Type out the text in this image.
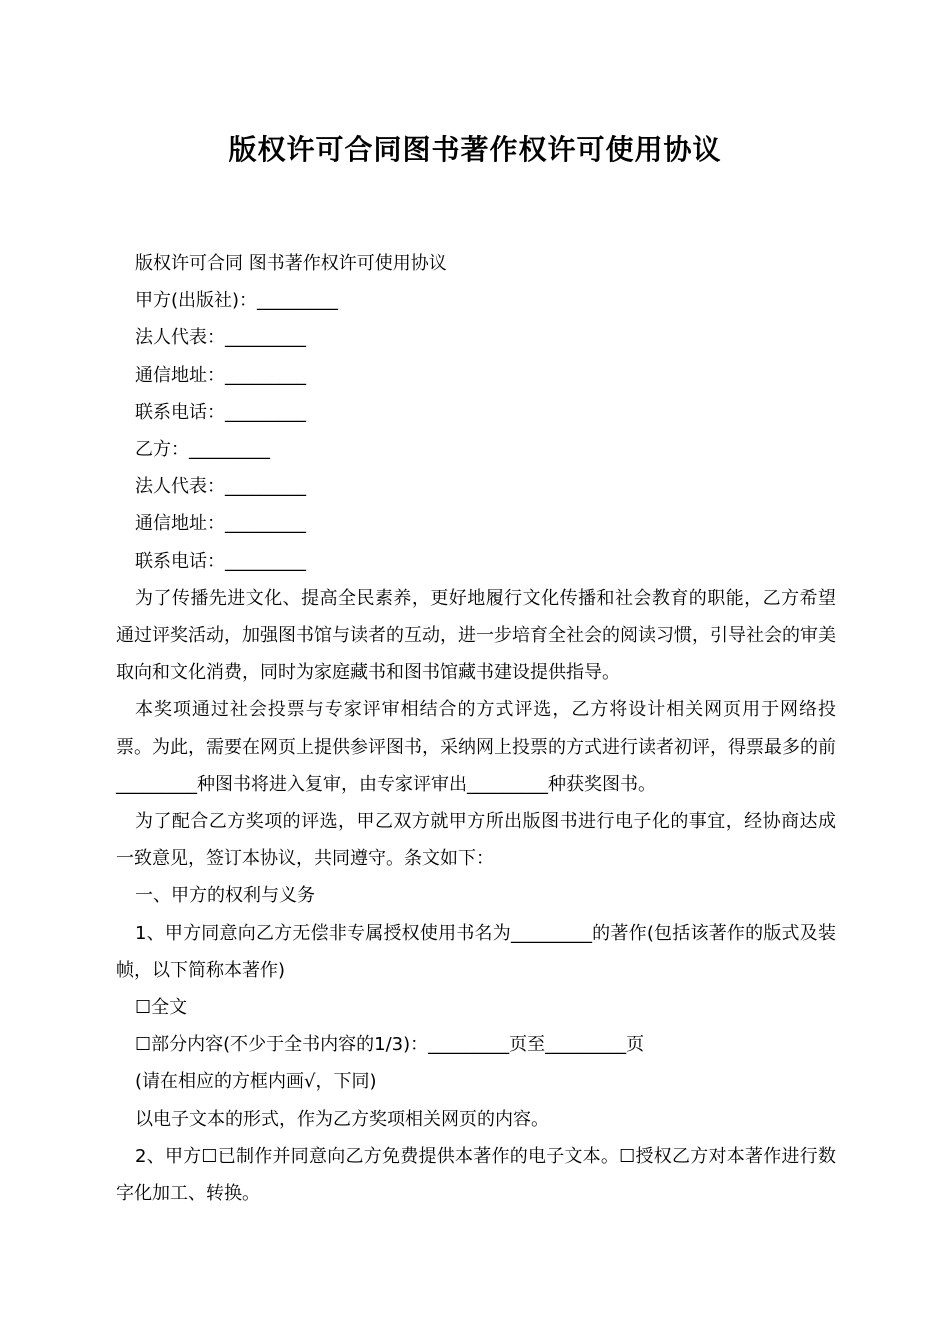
版权许可合同图书著作权许可使用协议

版权许可合同 图书著作权许可使用协议

甲方(出版社)：_________

法人代表：_________

通信地址：_________

联系电话：_________

乙方：_________

法人代表：_________

通信地址：_________

联系电话：_________

为了传播先进文化、提高全民素养，更好地履行文化传播和社会教育的职能，乙方希望通过评奖活动，加强图书馆与读者的互动，进一步培育全社会的阅读习惯，引导社会的审美取向和文化消费，同时为家庭藏书和图书馆藏书建设提供指导。

本奖项通过社会投票与专家评审相结合的方式评选，乙方将设计相关网页用于网络投票。为此，需要在网页上提供参评图书，采纳网上投票的方式进行读者初评，得票最多的前_________种图书将进入复审，由专家评审出_________种获奖图书。

为了配合乙方奖项的评选，甲乙双方就甲方所出版图书进行电子化的事宜，经协商达成一致意见，签订本协议，共同遵守。条文如下：

一、甲方的权利与义务

1、甲方同意向乙方无偿非专属授权使用书名为_________的著作(包括该著作的版式及装帧，以下简称本著作)

☐全文

☐部分内容(不少于全书内容的1/3)：_________页至_________页

(请在相应的方框内画√，下同)

以电子文本的形式，作为乙方奖项相关网页的内容。

2、甲方☐已制作并同意向乙方免费提供本著作的电子文本。☐授权乙方对本著作进行数字化加工、转换。
